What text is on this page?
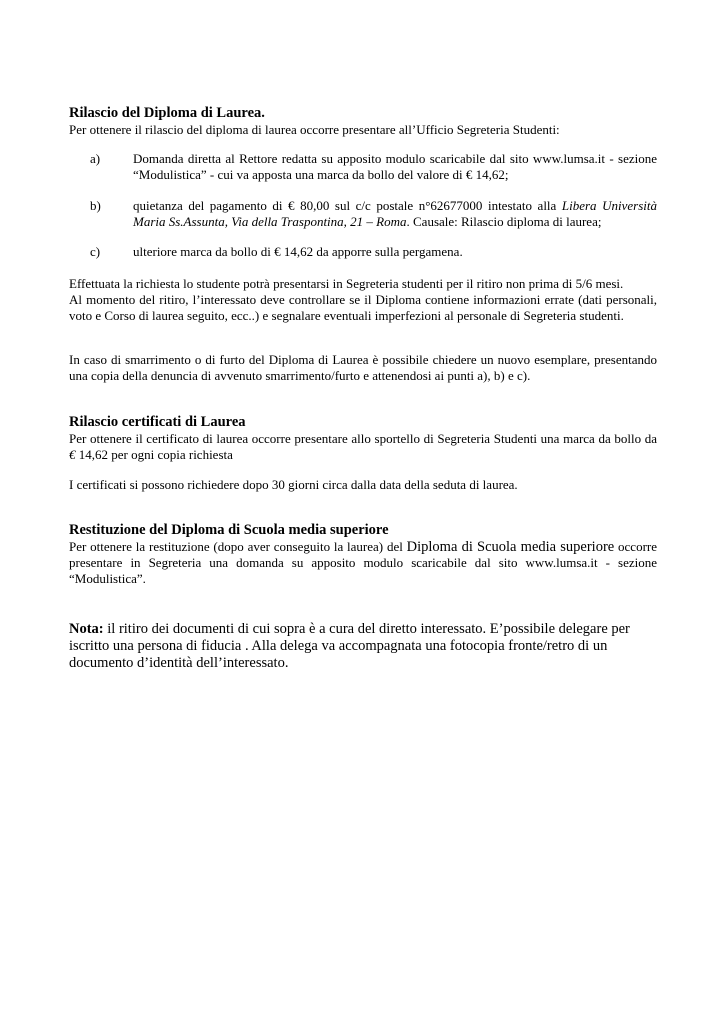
Rilascio del Diploma di Laurea.
Per ottenere il rilascio del diploma di laurea occorre presentare all’Ufficio Segreteria Studenti:
a)	Domanda diretta al Rettore redatta su apposito modulo scaricabile dal sito www.lumsa.it - sezione “Modulistica” - cui va apposta una marca da bollo del valore di € 14,62;
b) quietanza del pagamento di € 80,00 sul c/c postale n°62677000 intestato alla Libera Università Maria Ss.Assunta, Via della Traspontina, 21 – Roma. Causale: Rilascio diploma di laurea;
c)	ulteriore marca da bollo di € 14,62 da apporre sulla pergamena.

Effettuata la richiesta lo studente potrà presentarsi in Segreteria studenti per il ritiro non prima di 5/6 mesi.

Al momento del ritiro, l’interessato deve controllare se il Diploma contiene informazioni errate (dati personali, voto e Corso di laurea seguito, ecc..) e segnalare eventuali imperfezioni al personale di Segreteria studenti.

In caso di smarrimento o di furto del Diploma di Laurea è possibile chiedere un nuovo esemplare, presentando una copia della denuncia di avvenuto smarrimento/furto e attenendosi ai punti a), b) e c).
Rilascio certificati di Laurea
Per ottenere il certificato di laurea occorre presentare allo sportello di Segreteria Studenti una marca da bollo da € 14,62 per ogni copia richiesta
I certificati si possono richiedere dopo 30 giorni circa dalla data della seduta di laurea.
Restituzione del Diploma di Scuola media superiore
Per ottenere la restituzione (dopo aver conseguito la laurea) del Diploma di Scuola media superiore occorre presentare in Segreteria una domanda su apposito modulo scaricabile dal sito www.lumsa.it - sezione “Modulistica”.
Nota: il ritiro dei documenti di cui sopra è a cura del diretto interessato. E’possibile delegare per iscritto una persona di fiducia . Alla delega va accompagnata una fotocopia fronte/retro di un documento d’identità dell’interessato.
